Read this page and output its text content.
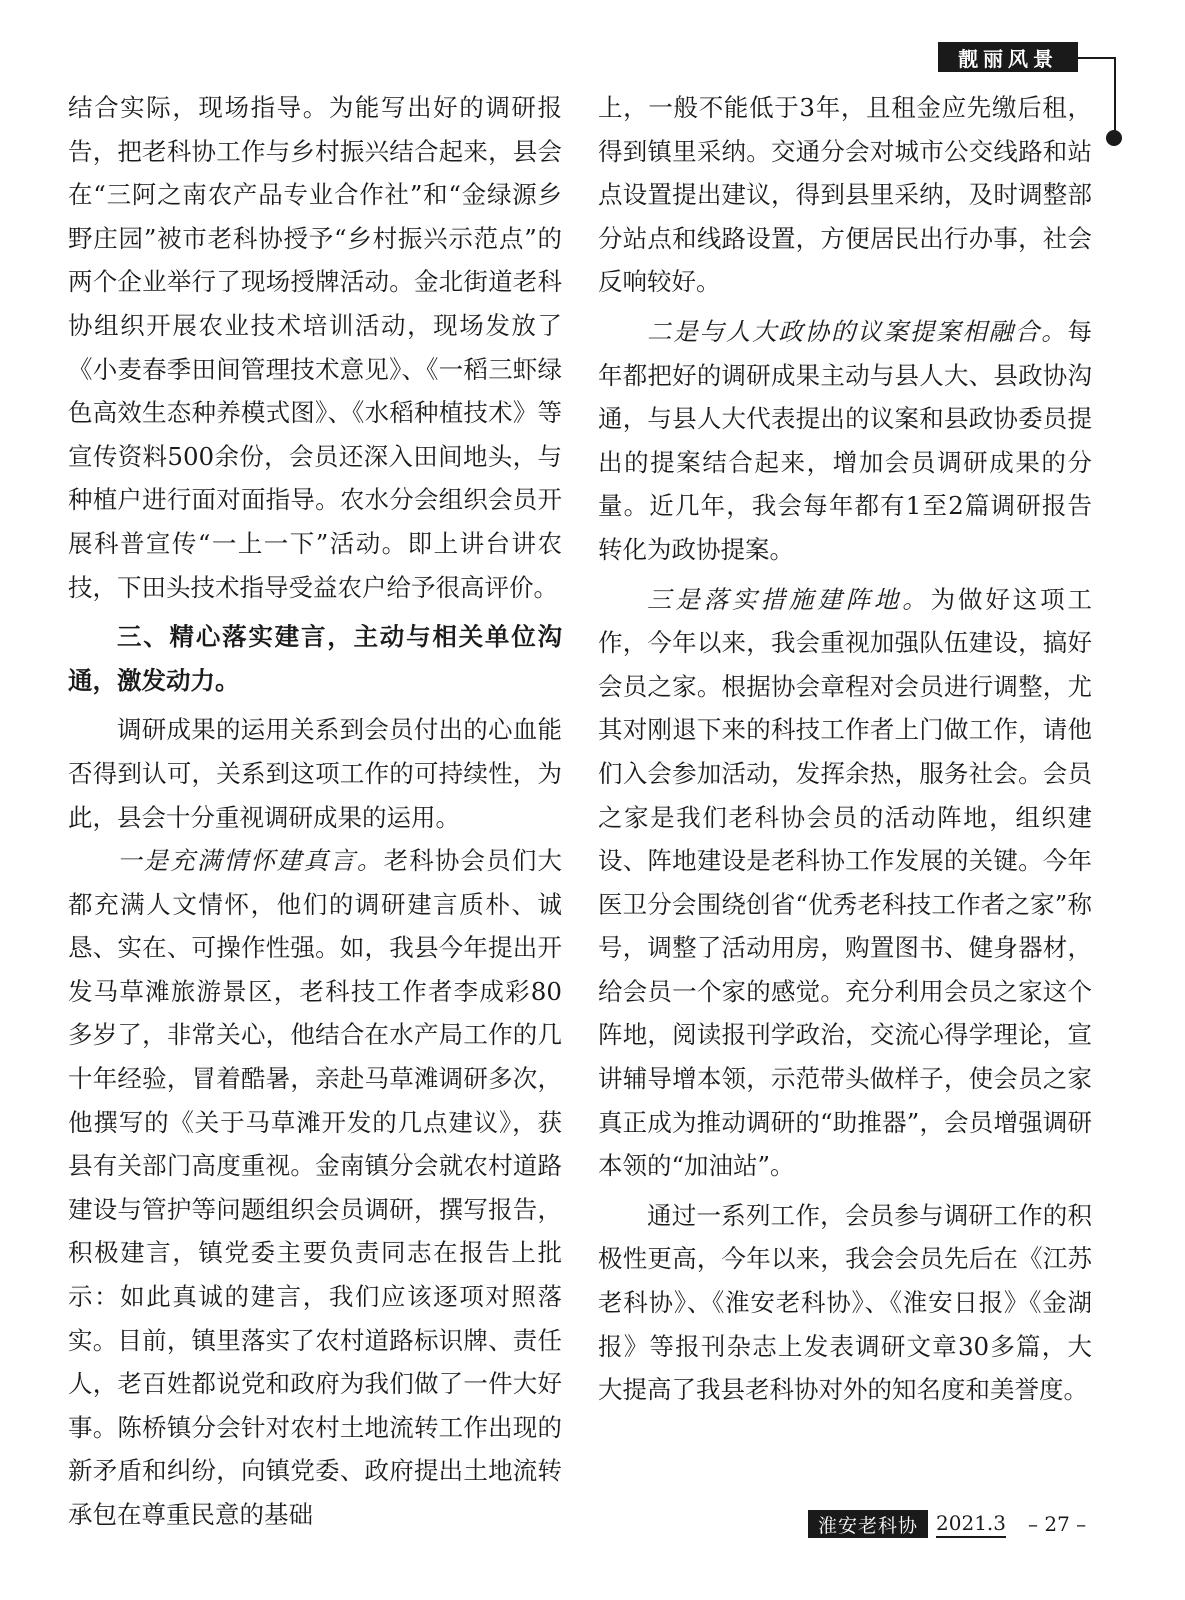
靓丽风景

结合实际，现场指导。为能写出好的调研报告，把老科协工作与乡村振兴结合起来，县会在“三阿之南农产品专业合作社”和“金绿源乡野庄园”被市老科协授予“乡村振兴示范点”的两个企业举行了现场授牌活动。金北街道老科协组织开展农业技术培训活动，现场发放了《小麦春季田间管理技术意见》、《一稻三虾绿色高效生态种养模式图》、《水稻种植技术》等宣传资料500余份，会员还深入田间地头，与种植户进行面对面指导。农水分会组织会员开展科普宣传“一上一下”活动。即上讲台讲农技，下田头技术指导受益农户给予很高评价。

三、精心落实建言，主动与相关单位沟通，激发动力。

调研成果的运用关系到会员付出的心血能否得到认可，关系到这项工作的可持续性，为此，县会十分重视调研成果的运用。

一是充满情怀建真言。老科协会员们大都充满人文情怀，他们的调研建言质朴、诚恳、实在、可操作性强。如，我县今年提出开发马草滩旅游景区，老科技工作者李成彩80多岁了，非常关心，他结合在水产局工作的几十年经验，冒着酷暑，亲赴马草滩调研多次，他撰写的《关于马草滩开发的几点建议》，获县有关部门高度重视。金南镇分会就农村道路建设与管护等问题组织会员调研，撰写报告，积极建言，镇党委主要负责同志在报告上批示：如此真诚的建言，我们应该逐项对照落实。目前，镇里落实了农村道路标识牌、责任人，老百姓都说党和政府为我们做了一件大好事。陈桥镇分会针对农村土地流转工作出现的新矛盾和纠纷，向镇党委、政府提出土地流转承包在尊重民意的基础

上，一般不能低于3年，且租金应先缴后租，得到镇里采纳。交通分会对城市公交线路和站点设置提出建议，得到县里采纳，及时调整部分站点和线路设置，方便居民出行办事，社会反响较好。

二是与人大政协的议案提案相融合。每年都把好的调研成果主动与县人大、县政协沟通，与县人大代表提出的议案和县政协委员提出的提案结合起来，增加会员调研成果的分量。近几年，我会每年都有1至2篇调研报告转化为政协提案。

三是落实措施建阵地。为做好这项工作，今年以来，我会重视加强队伍建设，搞好会员之家。根据协会章程对会员进行调整，尤其对刚退下来的科技工作者上门做工作，请他们入会参加活动，发挥余热，服务社会。会员之家是我们老科协会员的活动阵地，组织建设、阵地建设是老科协工作发展的关键。今年医卫分会围绕创省“优秀老科技工作者之家”称号，调整了活动用房，购置图书、健身器材，给会员一个家的感觉。充分利用会员之家这个阵地，阅读报刊学政治，交流心得学理论，宣讲辅导增本领，示范带头做样子，使会员之家真正成为推动调研的“助推器”，会员增强调研本领的“加油站”。

通过一系列工作，会员参与调研工作的积极性更高，今年以来，我会会员先后在《江苏老科协》、《淮安老科协》、《淮安日报》《金湖报》等报刊杂志上发表调研文章30多篇，大大提高了我县老科协对外的知名度和美誉度。

淮安老科协 2021.3 – 27 –
